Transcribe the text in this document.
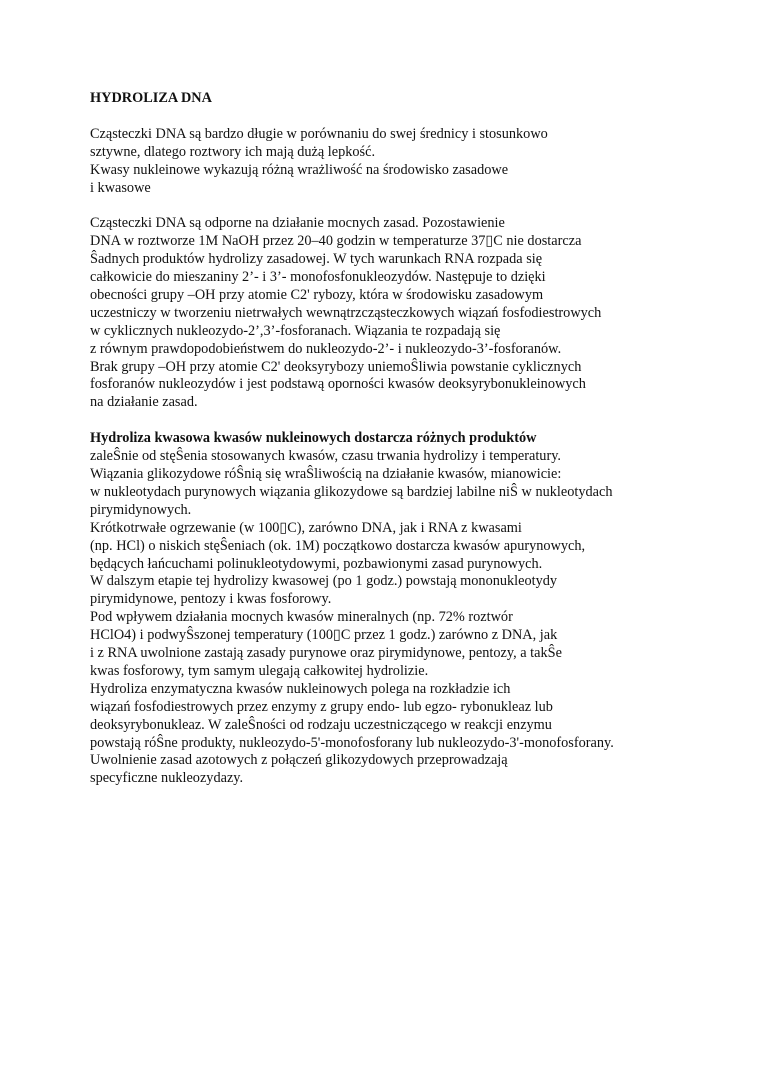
HYDROLIZA DNA
Cząsteczki DNA są bardzo długie w porównaniu do swej średnicy i stosunkowo
sztywne, dlatego roztwory ich mają dużą lepkość.
Kwasy nukleinowe wykazują różną wrażliwość na środowisko zasadowe
i kwasowe
Cząsteczki DNA są odporne na działanie mocnych zasad. Pozostawienie
DNA w roztworze 1M NaOH przez 20–40 godzin w temperaturze 37▯C nie dostarcza
Ŝadnych produktów hydrolizy zasadowej. W tych warunkach RNA rozpada się
całkowicie do mieszaniny 2’- i 3’- monofosfonukleozydów. Następuje to dzięki
obecności grupy –OH przy atomie C2' rybozy, która w środowisku zasadowym
uczestniczy w tworzeniu nietrwałych wewnątrzcząsteczkowych wiązań fosfodiestrowych
w cyklicznych nukleozydo-2’,3’-fosforanach. Wiązania te rozpadają się
z równym prawdopodobieństwem do nukleozydo-2’- i nukleozydo-3’-fosforanów.
Brak grupy –OH przy atomie C2' deoksyrybozy uniemoŜliwia powstanie cyklicznych
fosforanów nukleozydów i jest podstawą oporności kwasów deoksyrybonukleinowych
na działanie zasad.
Hydroliza kwasowa kwasów nukleinowych dostarcza różnych produktów
zaleŜnie od stęŜenia stosowanych kwasów, czasu trwania hydrolizy i temperatury.
Wiązania glikozydowe róŜnią się wraŜliwością na działanie kwasów, mianowicie:
w nukleotydach purynowych wiązania glikozydowe są bardziej labilne niŜ w nukleotydach
pirymidynowych.
Krótkotrwałe ogrzewanie (w 100▯C), zarówno DNA, jak i RNA z kwasami
(np. HCl) o niskich stęŜeniach (ok. 1M) początkowo dostarcza kwasów apurynowych,
będących łańcuchami polinukleotydowymi, pozbawionymi zasad purynowych.
W dalszym etapie tej hydrolizy kwasowej (po 1 godz.) powstają mononukleotydy
pirymidynowe, pentozy i kwas fosforowy.
Pod wpływem działania mocnych kwasów mineralnych (np. 72% roztwór
HClO4) i podwyŜszonej temperatury (100▯C przez 1 godz.) zarówno z DNA, jak
i z RNA uwolnione zastają zasady purynowe oraz pirymidynowe, pentozy, a takŜe
kwas fosforowy, tym samym ulegają całkowitej hydrolizie.
Hydroliza enzymatyczna kwasów nukleinowych polega na rozkładzie ich
wiązań fosfodiestrowych przez enzymy z grupy endo- lub egzo- rybonukleaz lub
deoksyrybonukleaz. W zaleŜności od rodzaju uczestniczącego w reakcji enzymu
powstają róŜne produkty, nukleozydo-5'-monofosforany lub nukleozydo-3'-monofosforany.
Uwolnienie zasad azotowych z połączeń glikozydowych przeprowadzają
specyficzne nukleozydazy.
